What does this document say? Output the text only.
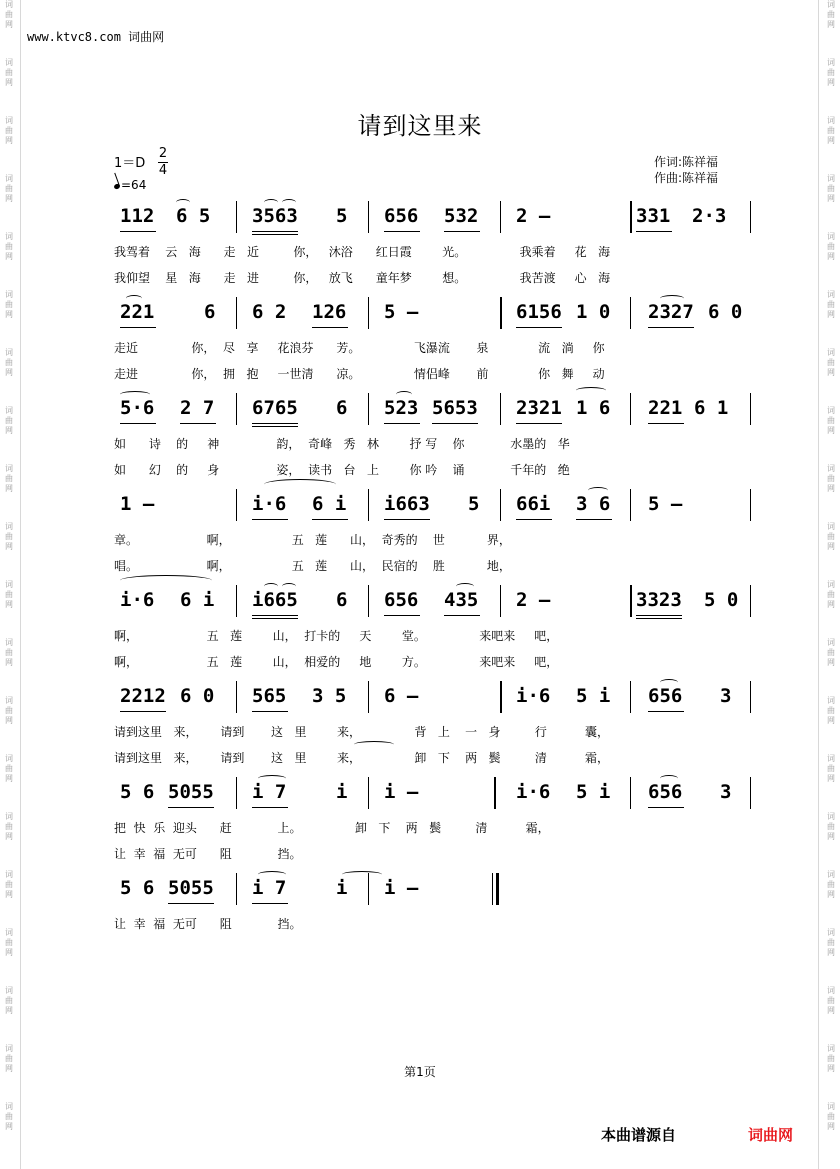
词
曲
网
词
曲
网
词
曲
网
词
曲
网
词
曲
网
词
曲
网
词
曲
网
词
曲
网
词
曲
网
词
曲
网
词
曲
网
词
曲
网
词
曲
网
词
曲
网
词
曲
网
词
曲
网
词
曲
网
词
曲
网
词
曲
网
词
曲
网
词
曲
网
词
曲
网
词
曲
网
词
曲
网
词
曲
网
词
曲
网
词
曲
网
词
曲
网
词
曲
网
词
曲
网
词
曲
网
词
曲
网
词
曲
网
词
曲
网
词
曲
网
词
曲
网
词
曲
网
词
曲
网
词
曲
网
词
曲
网
www.ktvc8.com 词曲网
请到这里来
1＝D
2
4
=64
作词:陈祥福
作曲:陈祥福
112 6 5 3563 5 656 532 2 –	331 2·3
我驾着    云   海      走   近         你，   沐浴      红日霞        光。              我乘着     花   海
我仰望    星   海      走   进         你，   放飞      童年梦        想。              我苦渡     心   海
221	6 6 2 126 5 –	6156 1 0 2327 6 0
走近              你，  尽   享     花浪芬      芳。              飞瀑流       泉             流   淌     你
走进              你，  拥   抱     一世清      凉。              情侣峰       前             你   舞     动
5·6 2 7 6765 6 523 5653 2321 1 6 221 6 1
如      诗    的     神               韵，  奇峰   秀   林        抒 写    你            水墨的   华
如      幻    的     身               姿，  读书   台   上        你 吟    诵            千年的   绝
1 –	i·6 6 i i663 5 66i 3 6 5 –
章。                  啊，                五   莲      山，  奇秀的    世           界，
唱。                  啊，                五   莲      山，  民宿的    胜           地，
i·6 6 i i665 6 656 435 2 –	3323 5 0
啊，                  五   莲        山，  打卡的     天        堂。              来吧来     吧，
啊，                  五   莲        山，  相爱的     地        方。              来吧来     吧，
2212 6 0 565 3 5 6 –	i·6 5 i 656 3
请到这里   来，      请到       这   里        来，              背   上    一   身         行          囊，
请到这里   来，      请到       这   里        来，              卸   下    两   鬓         清          霜，
5 6 5055 i 7	i i –	i·6 5 i 656 3
把  快  乐  迎头      赶            上。              卸   下    两   鬓         清          霜，
让  幸  福  无可      阻            挡。
5 6 5055 i 7	i i –
让  幸  福  无可      阻            挡。
第1页
本曲谱源自	词曲网
